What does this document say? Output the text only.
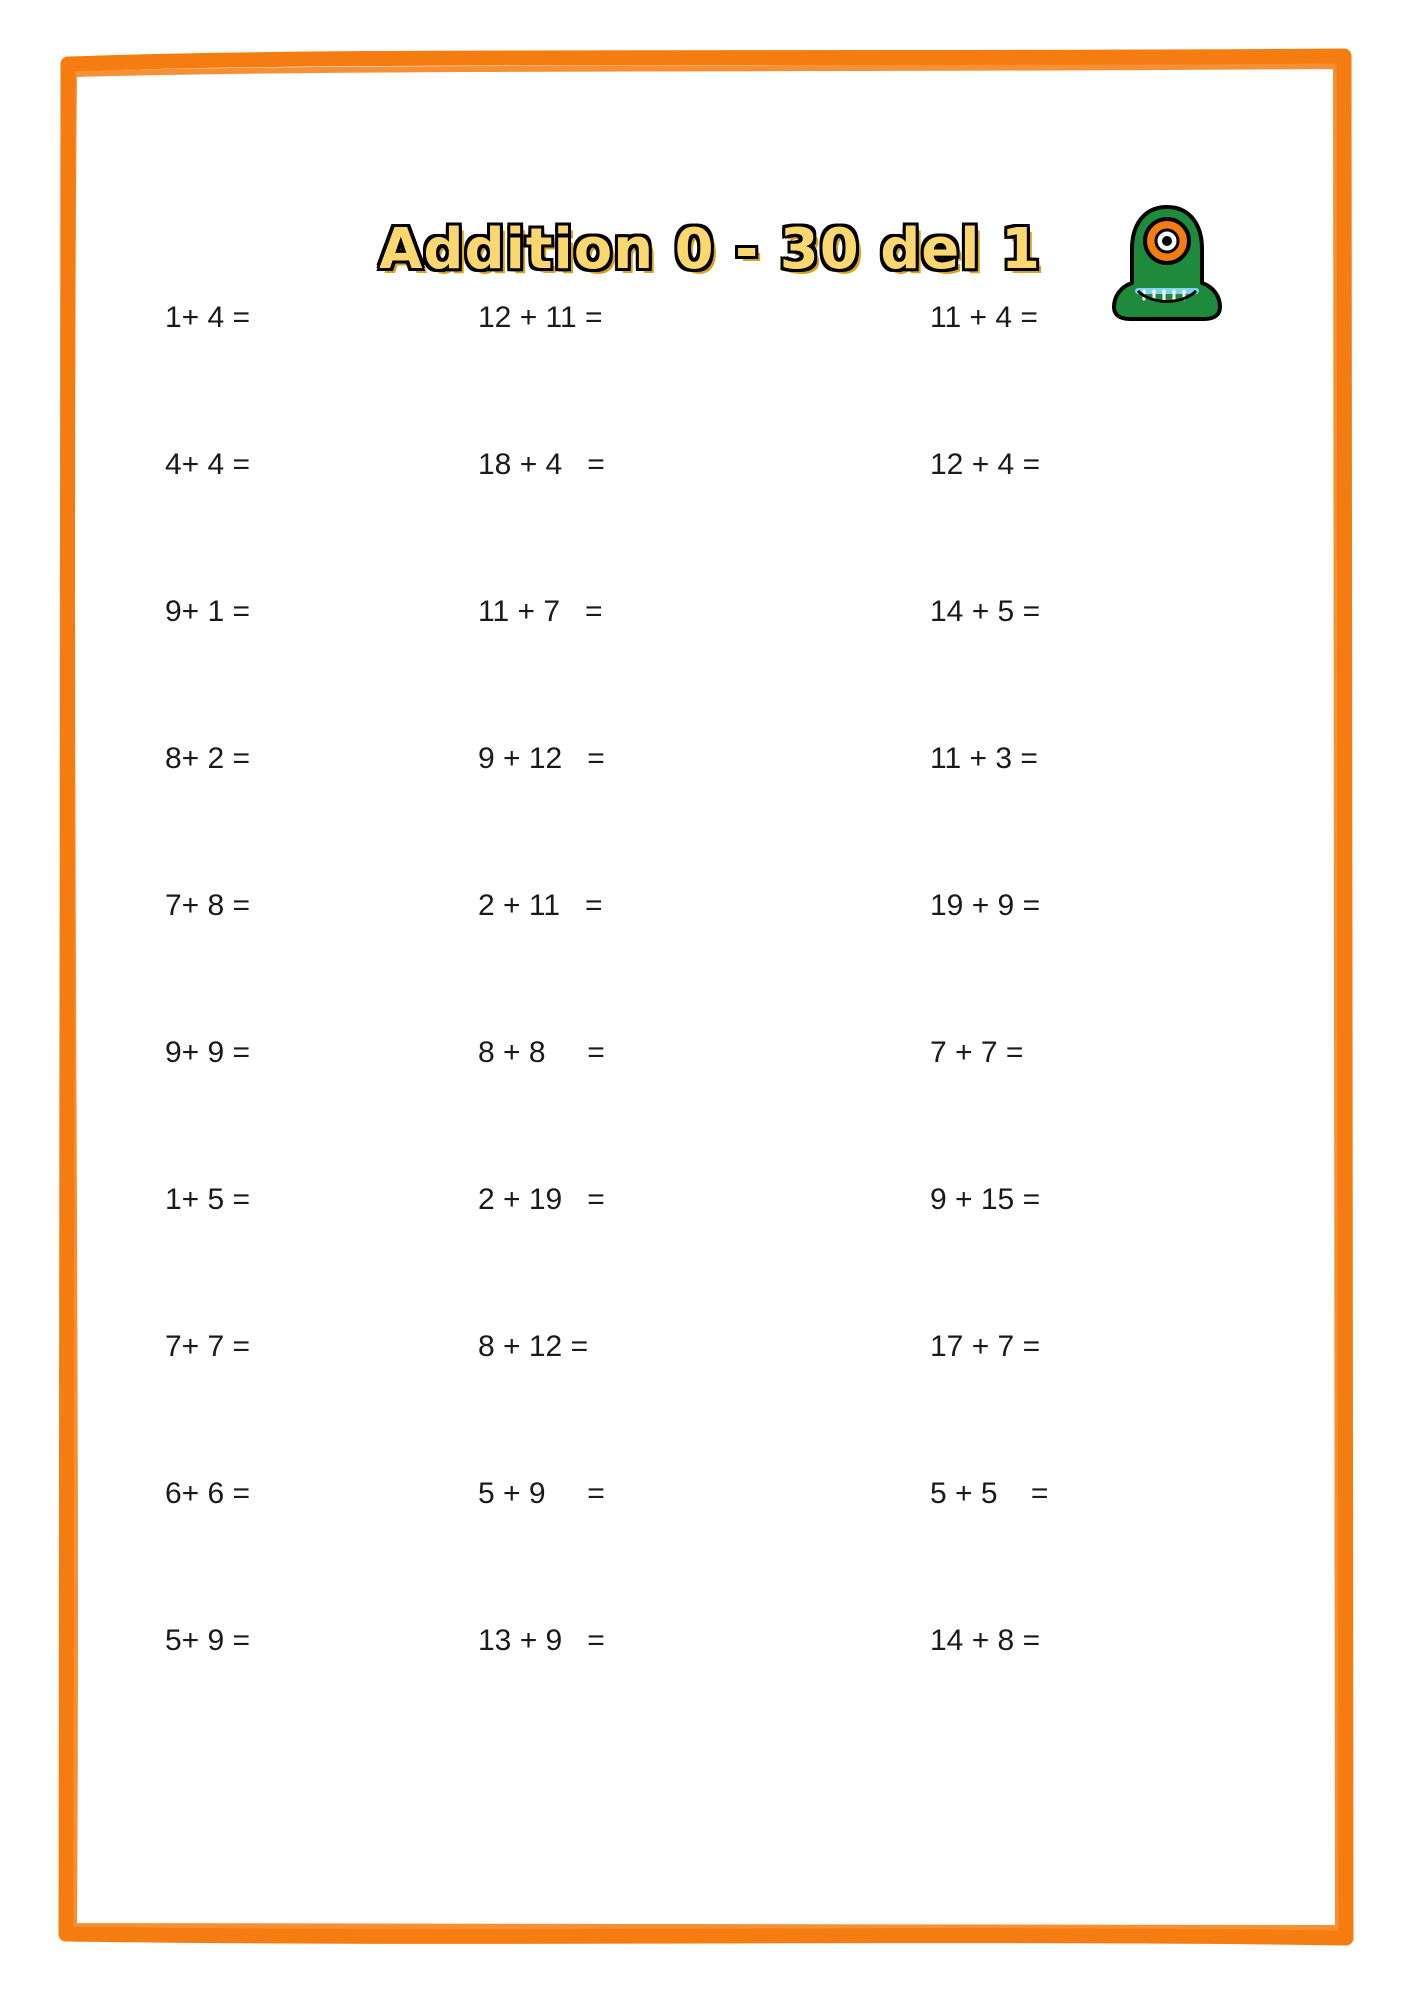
Addition 0 - 30 del 1
1+ 4 =	12 + 11 =	11 + 4 =
4+ 4 =	18 + 4   =	12 + 4 =
9+ 1 =	11 + 7   =	14 + 5 =
8+ 2 =	9 + 12   =	11 + 3 =
7+ 8 =	2 + 11   =	19 + 9 =
9+ 9 =	8 + 8     =	7 + 7 =
1+ 5 =	2 + 19   =	9 + 15 =
7+ 7 =	8 + 12 =	17 + 7 =
6+ 6 =	5 + 9     =	5 + 5    =
5+ 9 =	13 + 9   =	14 + 8 =
